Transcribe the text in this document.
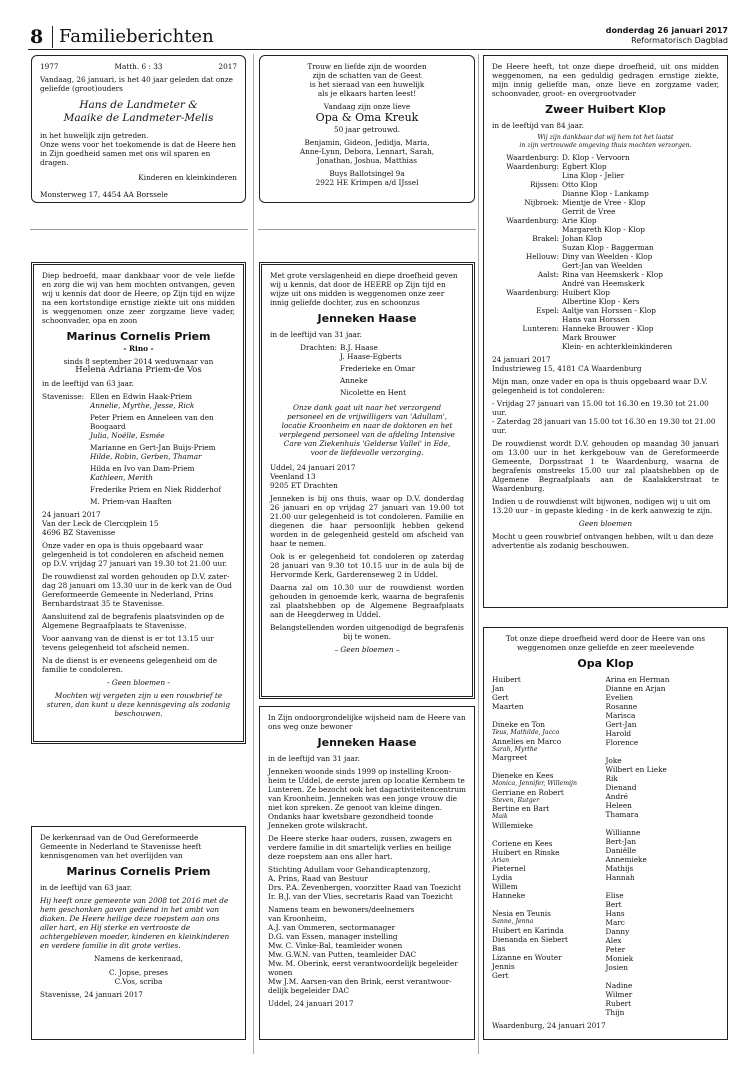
8 Familieberichten	donderdag 26 januari 2017
Reformatorisch Dagblad
1977	Matth. 6 : 33	2017
Vandaag, 26 januari, is het 40 jaar geleden dat onze geliefde (groot)ouders
Hans de Landmeter &
Maaike de Landmeter-Melis
in het huwelijk zijn getreden.
Onze wens voor het toekomende is dat de Heere hen in Zijn goedheid samen met ons wil sparen en dragen.
Kinderen en kleinkinderen
Monsterweg 17, 4454 AA Borssele
Trouw en liefde zijn de woorden
zijn de schatten van de Geest
is het sieraad van een huwelijk
als je elkaars harten leest!
Vandaag zijn onze lieve
Opa & Oma Kreuk
50 jaar getrouwd.
Benjamin, Gideon, Jedidja, Maria,
Anne-Lynn, Debora, Lennart, Sarah,
Jonathan, Joshua, Matthias
Buys Ballotsingel 9a
2922 HE Krimpen a/d IJssel
De Heere heeft, tot onze diepe droefheid, uit ons midden weggenomen, na een geduldig gedragen ernstige ziekte, mijn innig geliefde man, onze lieve en zorgzame vader, schoonvader, groot- en overgrootvader
Zweer Huibert Klop
in de leeftijd van 84 jaar.
Wij zijn dankbaar dat wij hem tot het laatst
in zijn vertrouwde omgeving thuis mochten verzorgen.
Waardenburg: D. Klop - Vervoorn
Waardenburg: Egbert Klop
Lina Klop - Jelier
Rijssen: Otto Klop
Dianne Klop - Lankamp
Nijbroek: Mientje de Vree - Klop
Gerrit de Vree
Waardenburg: Arie Klop
Margareth Klop - Klop
Brakel: Johan Klop
Suzan Klop - Baggerman
Hellouw: Diny van Weelden - Klop
Gert-Jan van Weelden
Aalst: Rina van Heemskerk - Klop
André van Heemskerk
Waardenburg: Huibert Klop
Albertine Klop - Kers
Espel: Aaltje van Horssen - Klop
Hans van Horssen
Lunteren: Hanneke Brouwer - Klop
Mark Brouwer
Klein- en achterkleinkinderen
24 januari 2017
Industrieweg 15, 4181 CA Waardenburg
Mijn man, onze vader en opa is thuis opgebaard waar D.V. gelegenheid is tot condoleren:
- Vrijdag 27 januari van 15.00 tot 16.30 en 19.30 tot 21.00 uur.
- Zaterdag 28 januari van 15.00 tot 16.30 en 19.30 tot 21.00 uur.
De rouwdienst wordt D.V. gehouden op maandag 30 januari om 13.00 uur in het kerkgebouw van de Gereformeerde Gemeente, Dorpsstraat 1 te Waardenburg, waarna de begrafenis omstreeks 15.00 uur zal plaatshebben op de Algemene Begraafplaats aan de Kaalakkerstraat te Waardenburg.
Indien u de rouwdienst wilt bijwonen, nodigen wij u uit om 13.20 uur - in gepaste kleding - in de kerk aanwezig te zijn.
Geen bloemen
Mocht u geen rouwbrief ontvangen hebben, wilt u dan deze advertentie als zodanig beschouwen.
Diep bedroefd, maar dankbaar voor de vele liefde en zorg die wij van hem mochten ontvangen, geven wij u kennis dat door de Heere, op Zijn tijd en wijze na een kortstondige ernstige ziekte uit ons midden is weggenomen onze zeer zorgzame lieve vader, schoonvader, opa en zoon
Marinus Cornelis Priem
- Rino -
sinds 8 september 2014 weduwnaar van
Helena Adriana Priem-de Vos
in de leeftijd van 63 jaar.
Stavenisse: Ellen en Edwin Haak-Priem
Annelie, Myrthe, Jesse, Rick
Peter Priem en Anneleen van den Boogaard
Julia, Noëlle, Esmée
Marianne en Gert-Jan Buijs-Priem
Hilde, Robin, Gerben, Thamar
Hilda en Ivo van Dam-Priem
Kathleen, Merith
Frederike Priem en Niek Ridderhof
M. Priem-van Haaften
24 januari 2017
Van der Leck de Clercqplein 15
4696 BZ Stavenisse
Onze vader en opa is thuis opgebaard waar gelegenheid is tot condoleren en afscheid nemen op D.V. vrijdag 27 januari van 19.30 tot 21.00 uur.
De rouwdienst zal worden gehouden op D.V. zaterdag 28 januari om 13.30 uur in de kerk van de Oud Gereformeerde Gemeente in Nederland, Prins Bernhardstraat 35 te Stavenisse.
Aansluitend zal de begrafenis plaatsvinden op de Algemene Begraafplaats te Stavenisse.
Voor aanvang van de dienst is er tot 13.15 uur tevens gelegenheid tot afscheid nemen.
Na de dienst is er eveneens gelegenheid om de familie te condoleren.
- Geen bloemen -
Mochten wij vergeten zijn u een rouwbrief te sturen, dan kunt u deze kennisgeving als zodanig beschouwen.
Met grote verslagenheid en diepe droefheid geven wij u kennis, dat door de HEERE op Zijn tijd en wijze uit ons midden is weggenomen onze zeer innig geliefde dochter, zus en schoonzus
Jenneken Haase
in de leeftijd van 31 jaar.
Drachten: B.J. Haase
J. Haase-Egberts
Frederieke en Omar
Anneke
Nicolette en Hent
Onze dank gaat uit naar het verzorgend personeel en de vrijwilligers van 'Adullam', locatie Kroonheim en naar de doktoren en het verplegend personeel van de afdeling Intensive Care van Ziekenhuis 'Gelderse Vallei' in Ede, voor de liefdevolle verzorging.
Uddel, 24 januari 2017
Veenland 13
9205 ET Drachten
Jenneken is bij ons thuis, waar op D.V. donderdag 26 januari en op vrijdag 27 januari van 19.00 tot 21.00 uur gelegenheid is tot condoleren. Familie en diegenen die haar persoonlijk hebben gekend worden in de gelegenheid gesteld om afscheid van haar te nemen.
Ook is er gelegenheid tot condoleren op zaterdag 28 januari van 9.30 tot 10.15 uur in de aula bij de Hervormde Kerk, Garderenseweg 2 in Uddel.
Daarna zal om 10.30 uur de rouwdienst worden gehouden in genoemde kerk, waarna de begrafenis zal plaatshebben op de Algemene Begraafplaats aan de Heegderweg in Uddel.
Belangstellenden worden uitgenodigd de begrafenis bij te wonen.
– Geen bloemen –
Tot onze diepe droefheid werd door de Heere van ons weggenomen onze geliefde en zeer meelevende
Opa Klop
Huibert
Jan
Gert
Maarten
Dineke en Ton
Teus, Mathilde, Jacco
Annelies en Marco
Sarah, Myrthe
Margreet
Dieneke en Kees
Monica, Jennifer, Willemijn
Gerriane en Robert
Steven, Rutger
Bertine en Bart
Maik
Willemieke
Coriene en Kees
Huibert en Rinske
Arian
Pieternel
Lydia
Willem
Hanneke
Nesia en Teunis
Sanne, Jenna
Huibert en Karinda
Dienanda en Siebert
Bas
Lizanne en Wouter
Jennis
Gert
Arina en Herman
Dianne en Arjan
Evelien
Rosanne
Marisca
Gert-Jan
Harold
Florence
Joke
Wilbert en Lieke
Rik
Dienand
André
Heleen
Thamara
Willianne
Bert-Jan
Daniëlle
Annemieke
Mathijs
Hannah
Elise
Bert
Hans
Marc
Danny
Alex
Peter
Moniek
Josien
Nadine
Wilmer
Rubert
Thijn
Waardenburg, 24 januari 2017
In Zijn ondoorgrondelijke wijsheid nam de Heere van ons weg onze bewoner
Jenneken Haase
in de leeftijd van 31 jaar.
Jenneken woonde sinds 1999 op instelling Kroonheim te Uddel, de eerste jaren op locatie Kernhem te Lunteren. Ze bezocht ook het dagactiviteitencentrum van Kroonheim. Jenneken was een jonge vrouw die niet kon spreken. Ze genoot van kleine dingen. Ondanks haar kwetsbare gezondheid toonde Jenneken grote wilskracht.
De Heere sterke haar ouders, zussen, zwagers en verdere familie in dit smartelijk verlies en heilige deze roepstem aan ons aller hart.
Stichting Adullam voor Gehandicaptenzorg,
A. Prins, Raad van Bestuur
Drs. P.A. Zevenbergen, voorzitter Raad van Toezicht
Ir. B.J. van der Vlies, secretaris Raad van Toezicht
Namens team en bewoners/deelnemers
van Kroonheim,
A.J. van Ommeren, sectormanager
D.G. van Essen, manager instelling
Mw. C. Vinke-Bal, teamleider wonen
Mw. G.W.N. van Putten, teamleider DAC
Mw. M. Oberink, eerst verantwoordelijk begeleider
wonen
Mw J.M. Aarsen-van den Brink, eerst verantwoordelijk begeleider DAC
Uddel, 24 januari 2017
De kerkenraad van de Oud Gereformeerde Gemeente in Nederland te Stavenisse heeft kennisgenomen van het overlijden van
Marinus Cornelis Priem
in de leeftijd van 63 jaar.
Hij heeft onze gemeente van 2008 tot 2016 met de hem geschonken gaven gediend in het ambt van diaken. De Heere heilige deze roepstem aan ons aller hart, en Hij sterke en vertrooste de achtergebleven moeder, kinderen en kleinkinderen en verdere familie in dit grote verlies.
Namens de kerkenraad,
C. Jopse, preses
C.Vos, scriba
Stavenisse, 24 januari 2017
